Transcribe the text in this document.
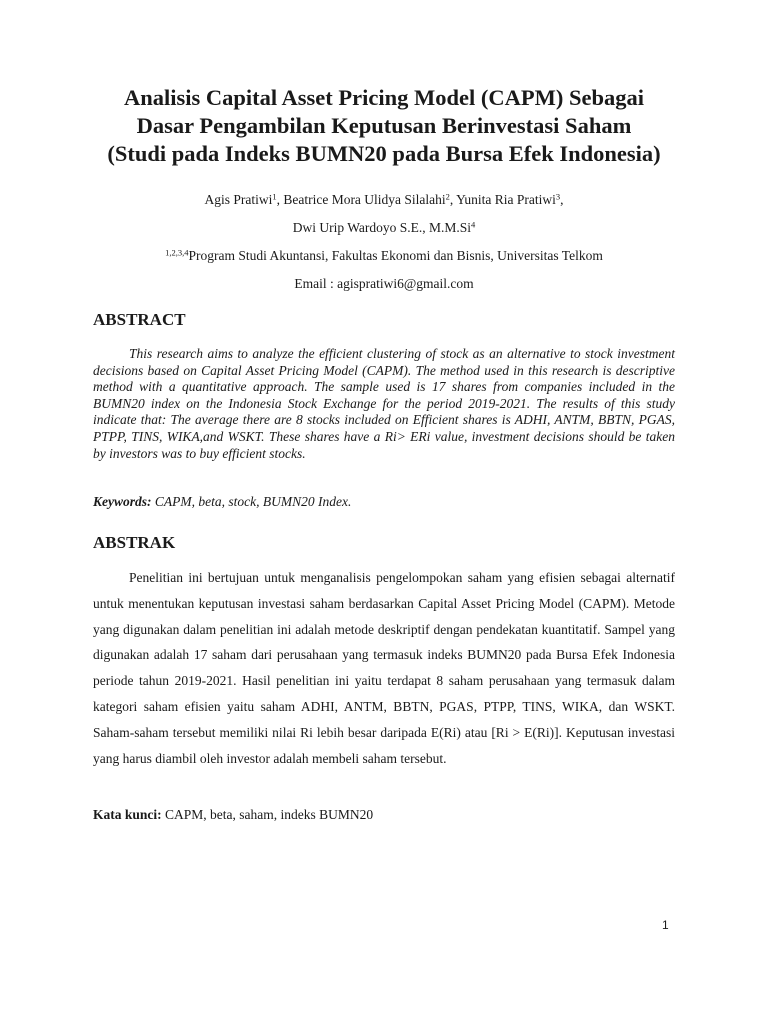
Analisis Capital Asset Pricing Model (CAPM) Sebagai
Dasar Pengambilan Keputusan Berinvestasi Saham
(Studi pada Indeks BUMN20 pada Bursa Efek Indonesia)
Agis Pratiwi$^1$, Beatrice Mora Ulidya Silalahi$^2$, Yunita Ria Pratiwi$^3$,
Dwi Urip Wardoyo S.E., M.M.Si$^4$
$^{1,2,3,4}$Program Studi Akuntansi, Fakultas Ekonomi dan Bisnis, Universitas Telkom
Email : agispratiwi6@gmail.com
ABSTRACT

This research aims to analyze the efficient clustering of stock as an alternative to stock investment decisions based on Capital Asset Pricing Model (CAPM). The method used in this research is descriptive method with a quantitative approach. The sample used is 17 shares from companies included in the BUMN20 index on the Indonesia Stock Exchange for the period 2019-2021. The results of this study indicate that: The average there are 8 stocks included on Efficient shares is ADHI, ANTM, BBTN, PGAS, PTPP, TINS, WIKA,and WSKT. These shares have a Ri> ERi value, investment decisions should be taken by investors was to buy efficient stocks.

Keywords: CAPM, beta, stock, BUMN20 Index.
ABSTRAK

Penelitian ini bertujuan untuk menganalisis pengelompokan saham yang efisien sebagai alternatif untuk menentukan keputusan investasi saham berdasarkan Capital Asset Pricing Model (CAPM). Metode yang digunakan dalam penelitian ini adalah metode deskriptif dengan pendekatan kuantitatif. Sampel yang digunakan adalah 17 saham dari perusahaan yang termasuk indeks BUMN20 pada Bursa Efek Indonesia periode tahun 2019-2021. Hasil penelitian ini yaitu terdapat 8 saham perusahaan yang termasuk dalam kategori saham efisien yaitu saham ADHI, ANTM, BBTN, PGAS, PTPP, TINS, WIKA, dan WSKT. Saham-saham tersebut memiliki nilai Ri lebih besar daripada E(Ri) atau [Ri > E(Ri)]. Keputusan investasi yang harus diambil oleh investor adalah membeli saham tersebut.

Kata kunci: CAPM, beta, saham, indeks BUMN20
1
